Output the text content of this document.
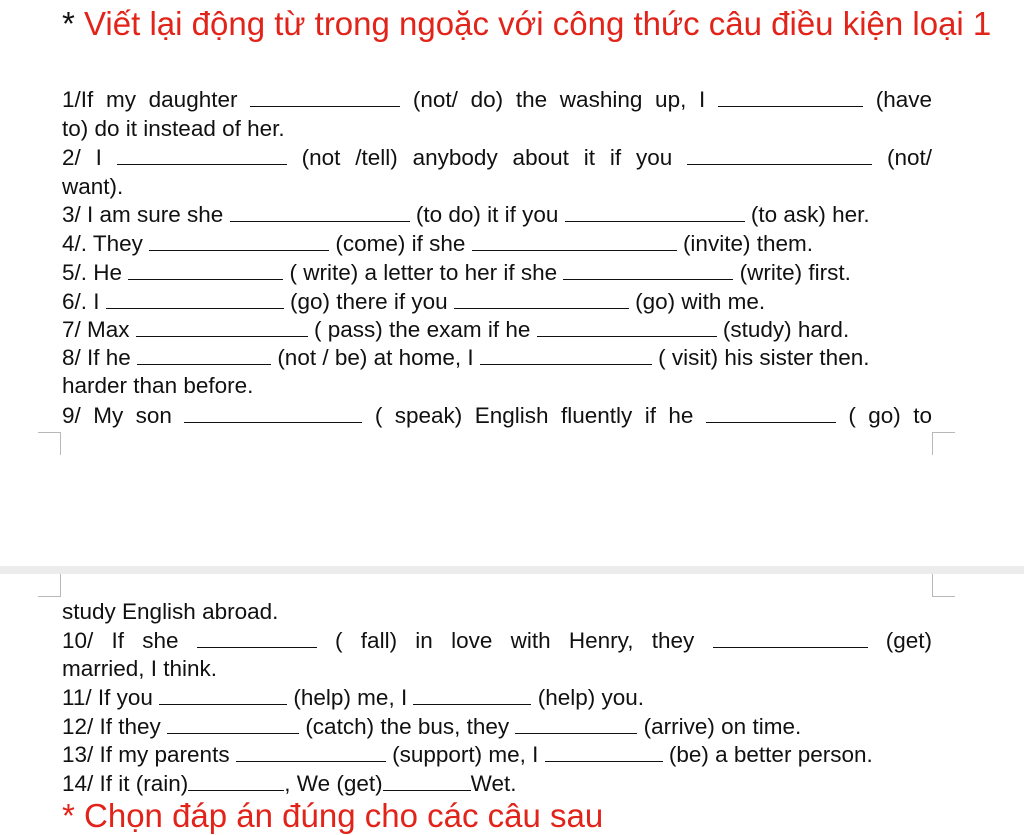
* Viết lại động từ trong ngoặc với công thức câu điều kiện loại 1
1/If my daughter	(not/ do) the washing up, I	(have
to) do it instead of her.
2/ I	(not /tell) anybody about it if you	(not/
want).
3/ I am sure she	(to do) it if you	(to ask) her.
4/. They	(come) if she	(invite) them.
5/. He	( write) a letter to her if she	(write) first.
6/. I	(go) there if you	(go) with me.
7/ Max	( pass) the exam if he	(study) hard.
8/ If he	(not / be) at home, I	( visit) his sister then.
harder than before.
9/ My son	( speak) English fluently if he	( go) to
study English abroad.
10/ If she	( fall) in love with Henry, they	(get)
married, I think.
11/ If you	(help) me, I	(help) you.
12/ If they	(catch) the bus, they	(arrive) on time.
13/ If my parents	(support) me, I	(be) a better person.
14/ If it (rain)	, We (get)	Wet.
* Chọn đáp án đúng cho các câu sau
